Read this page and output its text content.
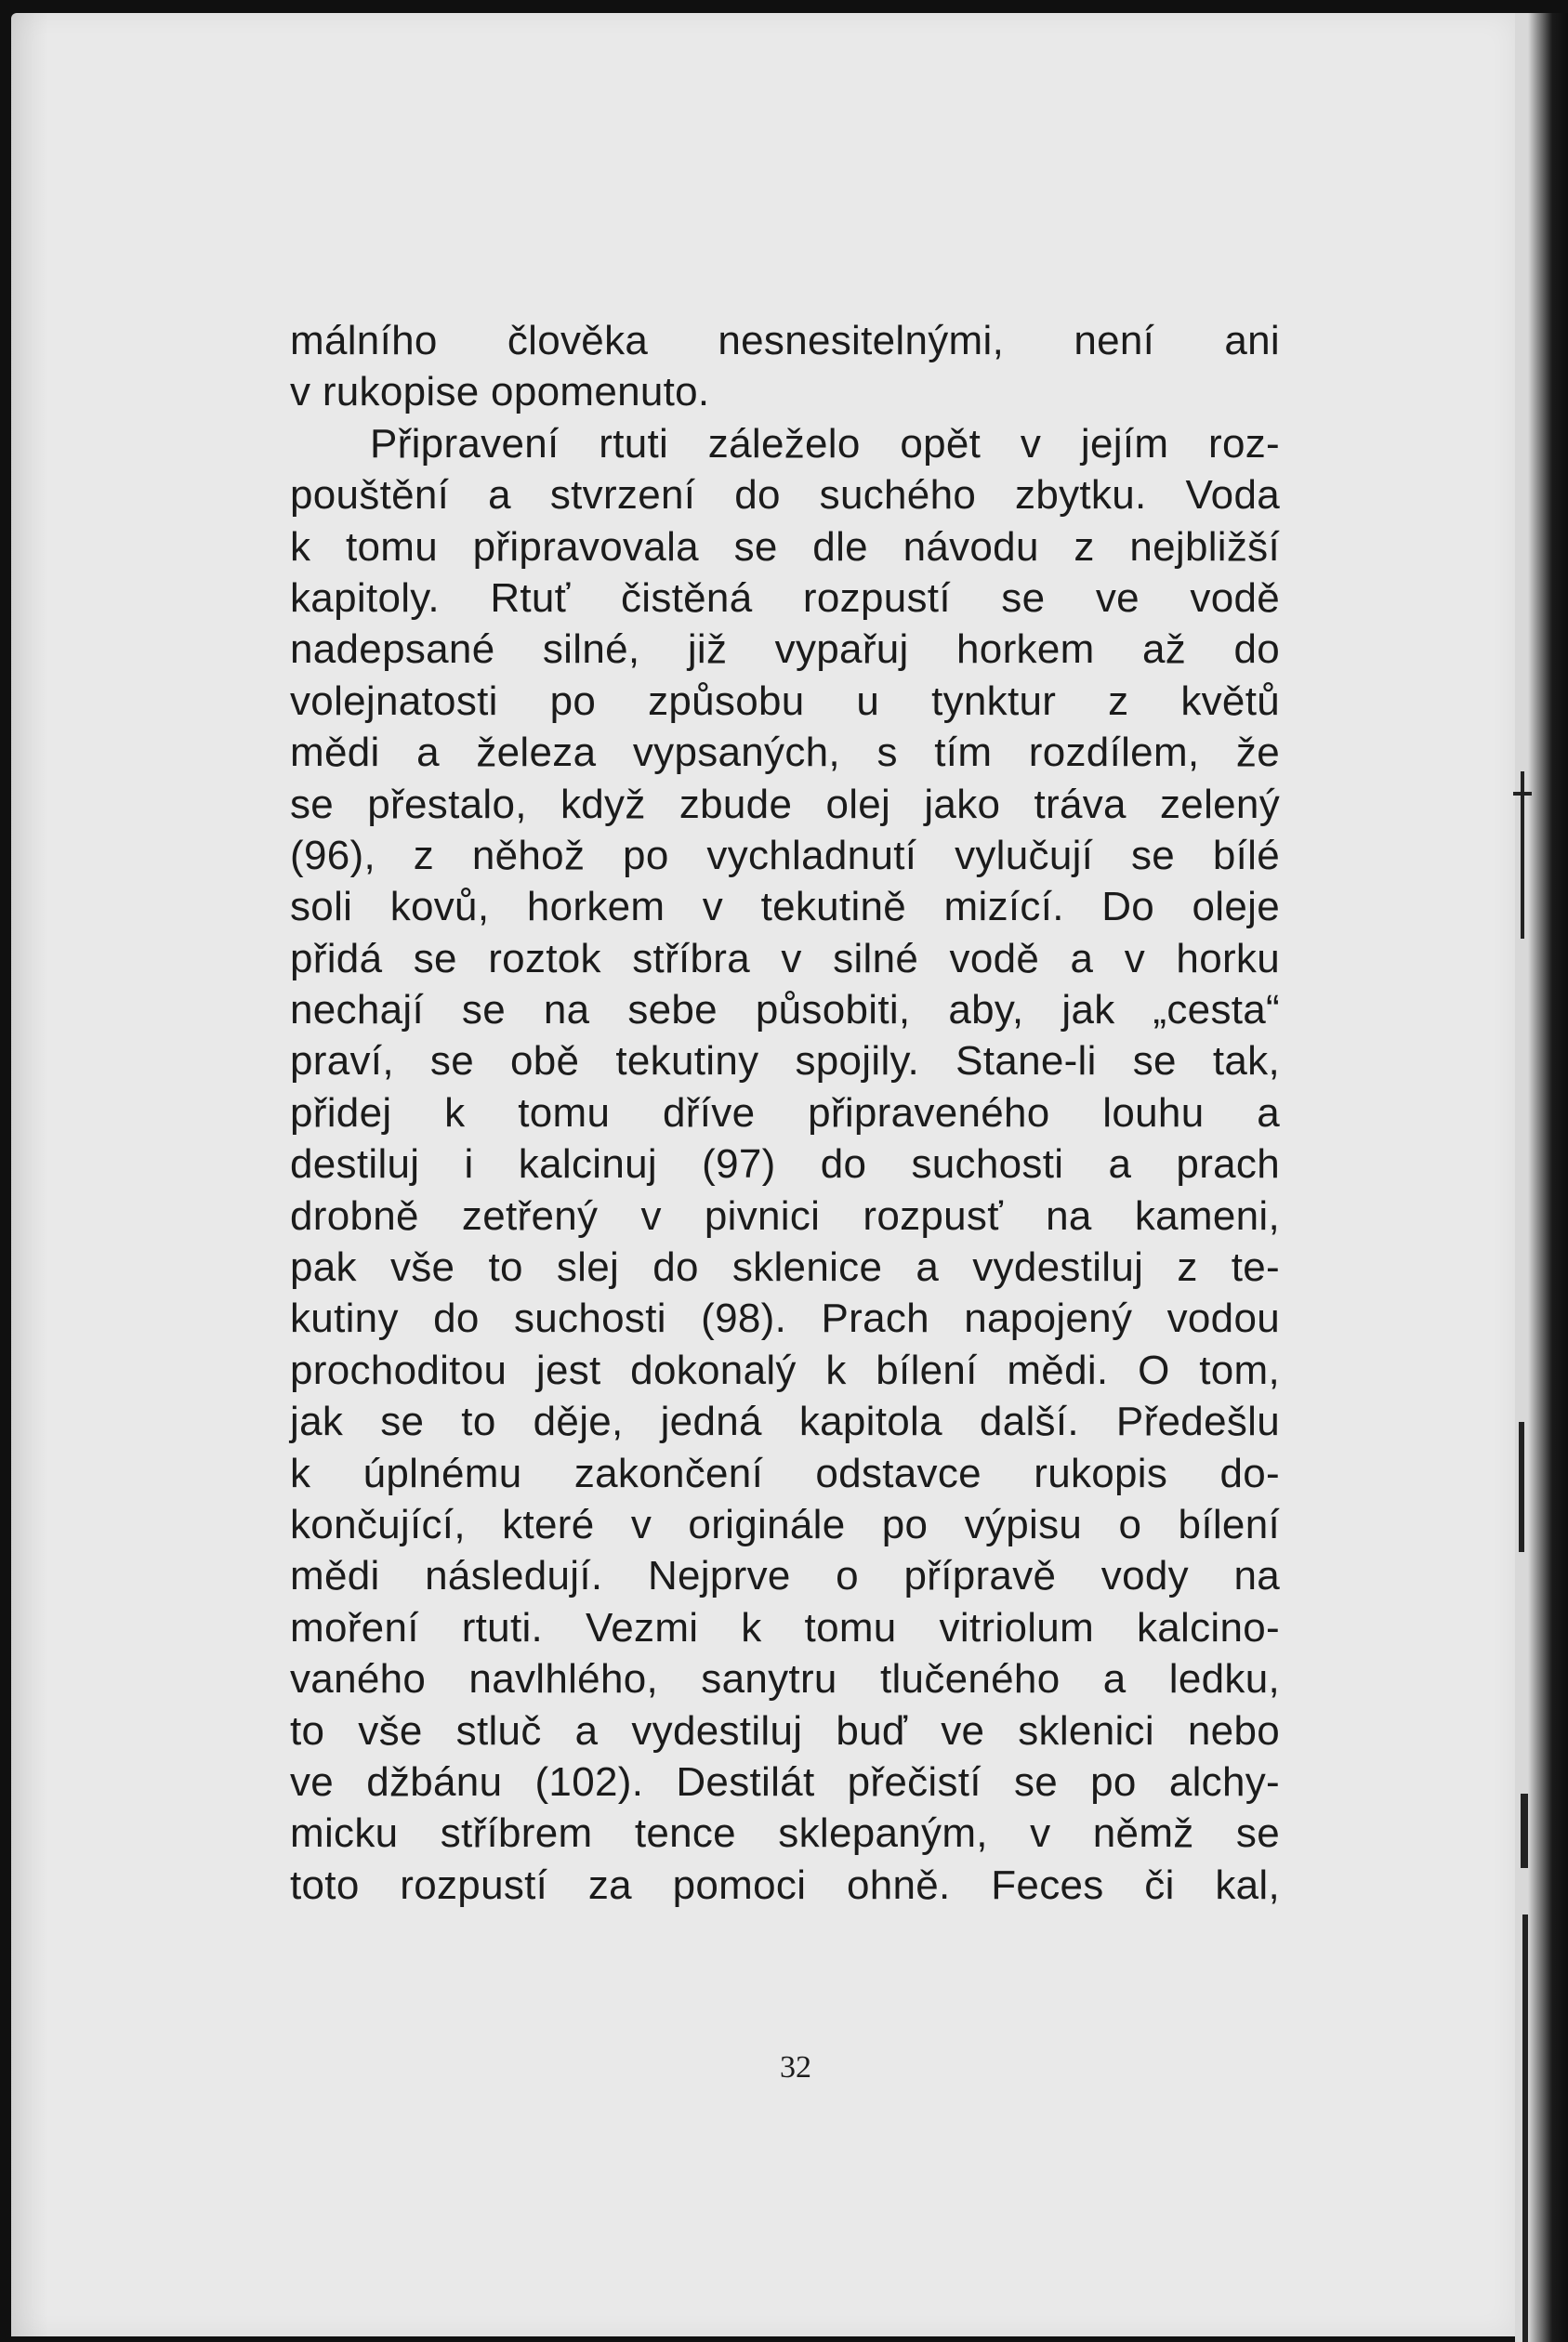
málního člověka nesnesitelnými, není ani
v rukopise opomenuto.
Připravení rtuti záleželo opět v jejím roz-
pouštění a stvrzení do suchého zbytku. Voda
k tomu připravovala se dle návodu z nejbližší
kapitoly. Rtuť čistěná rozpustí se ve vodě
nadepsané silné, již vypařuj horkem až do
volejnatosti po způsobu u tynktur z květů
mědi a železa vypsaných, s tím rozdílem, že
se přestalo, když zbude olej jako tráva zelený
(96), z něhož po vychladnutí vylučují se bílé
soli kovů, horkem v tekutině mizící. Do oleje
přidá se roztok stříbra v silné vodě a v horku
nechají se na sebe působiti, aby, jak „cesta“
praví, se obě tekutiny spojily. Stane-li se tak,
přidej k tomu dříve připraveného louhu a
destiluj i kalcinuj (97) do suchosti a prach
drobně zetřený v pivnici rozpusť na kameni,
pak vše to slej do sklenice a vydestiluj z te-
kutiny do suchosti (98). Prach napojený vodou
prochoditou jest dokonalý k bílení mědi. O tom,
jak se to děje, jedná kapitola další. Předešlu
k úplnému zakončení odstavce rukopis do-
končující, které v originále po výpisu o bílení
mědi následují. Nejprve o přípravě vody na
moření rtuti. Vezmi k tomu vitriolum kalcino-
vaného navlhlého, sanytru tlučeného a ledku,
to vše stluč a vydestiluj buď ve sklenici nebo
ve džbánu (102). Destilát přečistí se po alchy-
micku stříbrem tence sklepaným, v němž se
toto rozpustí za pomoci ohně. Feces či kal,
32
